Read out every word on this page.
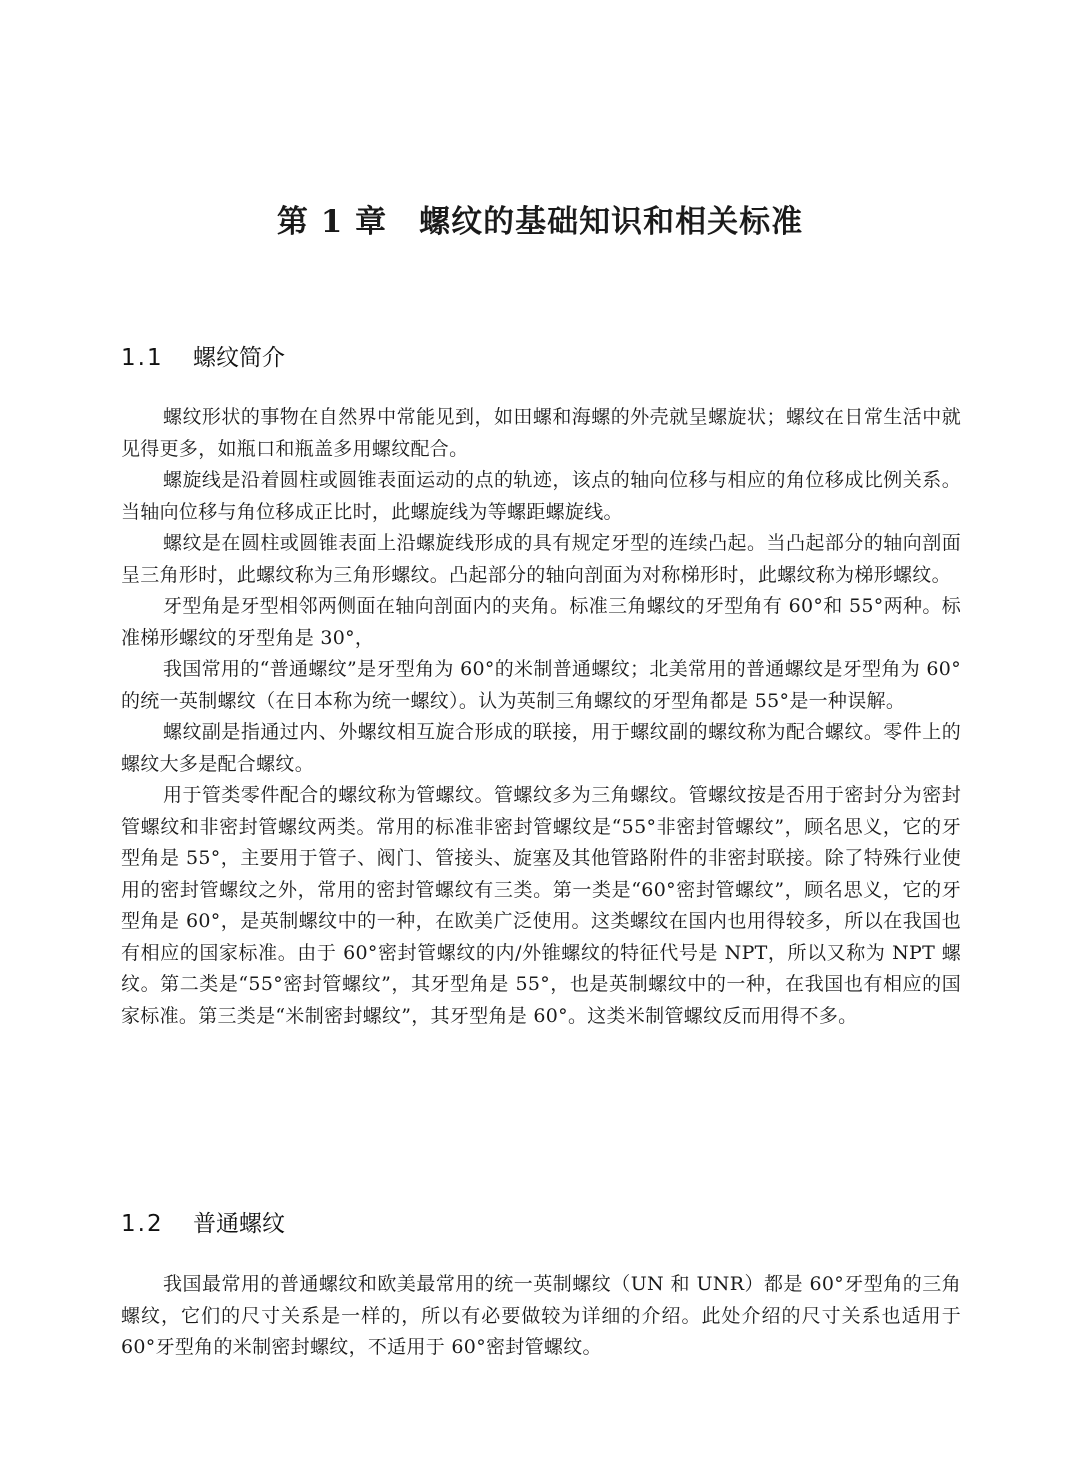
第 1 章 螺纹的基础知识和相关标准
1.1 螺纹简介

螺纹形状的事物在自然界中常能见到，如田螺和海螺的外壳就呈螺旋状；螺纹在日常生活中就见得更多，如瓶口和瓶盖多用螺纹配合。

螺旋线是沿着圆柱或圆锥表面运动的点的轨迹，该点的轴向位移与相应的角位移成比例关系。当轴向位移与角位移成正比时，此螺旋线为等螺距螺旋线。

螺纹是在圆柱或圆锥表面上沿螺旋线形成的具有规定牙型的连续凸起。当凸起部分的轴向剖面呈三角形时，此螺纹称为三角形螺纹。凸起部分的轴向剖面为对称梯形时，此螺纹称为梯形螺纹。

牙型角是牙型相邻两侧面在轴向剖面内的夹角。标准三角螺纹的牙型角有 60°和 55°两种。标准梯形螺纹的牙型角是 30°，

我国常用的“普通螺纹”是牙型角为 60°的米制普通螺纹；北美常用的普通螺纹是牙型角为 60°的统一英制螺纹（在日本称为统一螺纹）。认为英制三角螺纹的牙型角都是 55°是一种误解。

螺纹副是指通过内、外螺纹相互旋合形成的联接，用于螺纹副的螺纹称为配合螺纹。零件上的螺纹大多是配合螺纹。

用于管类零件配合的螺纹称为管螺纹。管螺纹多为三角螺纹。管螺纹按是否用于密封分为密封管螺纹和非密封管螺纹两类。常用的标准非密封管螺纹是“55°非密封管螺纹”，顾名思义，它的牙型角是 55°，主要用于管子、阀门、管接头、旋塞及其他管路附件的非密封联接。除了特殊行业使用的密封管螺纹之外，常用的密封管螺纹有三类。第一类是“60°密封管螺纹”，顾名思义，它的牙型角是 60°，是英制螺纹中的一种，在欧美广泛使用。这类螺纹在国内也用得较多，所以在我国也有相应的国家标准。由于 60°密封管螺纹的内/外锥螺纹的特征代号是 NPT，所以又称为 NPT 螺纹。第二类是“55°密封管螺纹”，其牙型角是 55°，也是英制螺纹中的一种，在我国也有相应的国家标准。第三类是“米制密封螺纹”，其牙型角是 60°。这类米制管螺纹反而用得不多。

1.2 普通螺纹

我国最常用的普通螺纹和欧美最常用的统一英制螺纹（UN 和 UNR）都是 60°牙型角的三角螺纹，它们的尺寸关系是一样的，所以有必要做较为详细的介绍。此处介绍的尺寸关系也适用于 60°牙型角的米制密封螺纹，不适用于 60°密封管螺纹。
